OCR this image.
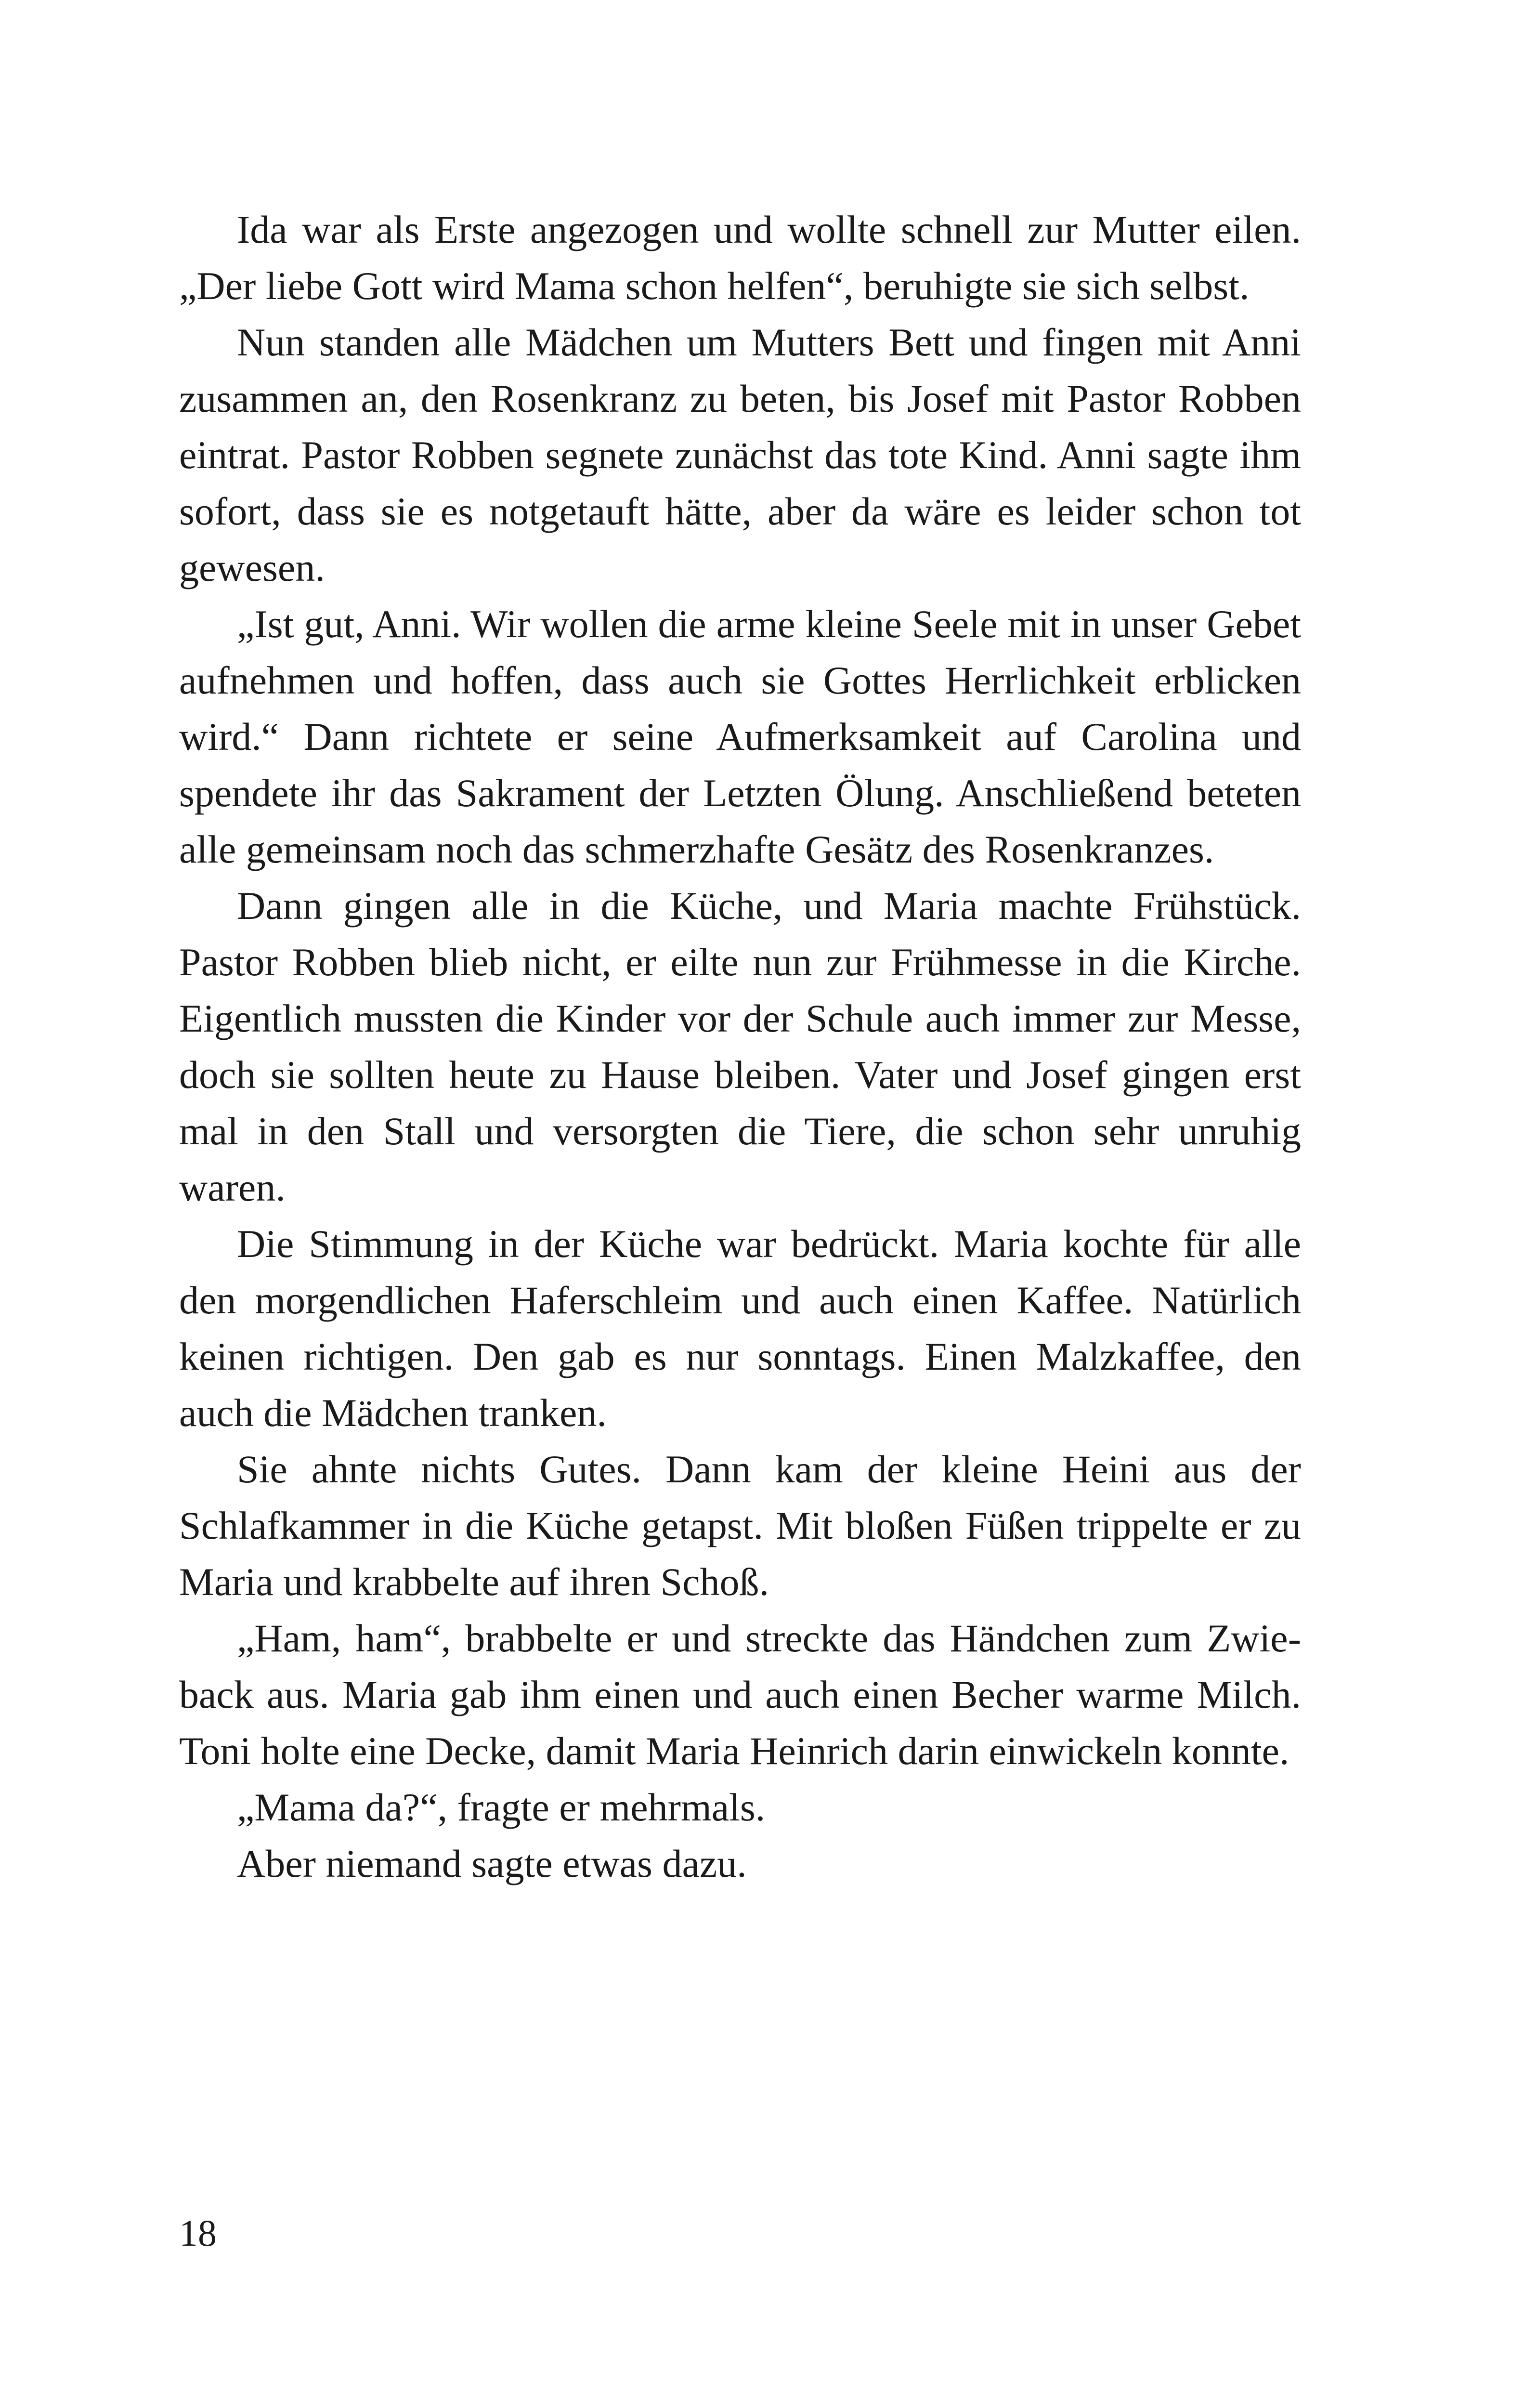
Ida war als Erste angezogen und wollte schnell zur Mutter eilen. „Der liebe Gott wird Mama schon helfen“, beruhigte sie sich selbst.

Nun standen alle Mädchen um Mutters Bett und fingen mit Anni zusammen an, den Rosenkranz zu beten, bis Josef mit Pastor Robben eintrat. Pastor Robben segnete zunächst das tote Kind. Anni sagte ihm sofort, dass sie es notgetauft hätte, aber da wäre es leider schon tot gewesen.

„Ist gut, Anni. Wir wollen die arme kleine Seele mit in unser Gebet aufnehmen und hoffen, dass auch sie Gottes Herrlichkeit erblicken wird.“ Dann richtete er seine Aufmerksamkeit auf Carolina und spendete ihr das Sakrament der Letzten Ölung. Anschließend beteten alle gemeinsam noch das schmerzhafte Gesätz des Rosenkranzes.

Dann gingen alle in die Küche, und Maria machte Frühstück. Pastor Robben blieb nicht, er eilte nun zur Frühmesse in die Kirche. Eigentlich mussten die Kinder vor der Schule auch immer zur Messe, doch sie sollten heute zu Hause bleiben. Vater und Josef gingen erst mal in den Stall und versorgten die Tiere, die schon sehr unruhig waren.

Die Stimmung in der Küche war bedrückt. Maria kochte für alle den morgendlichen Haferschleim und auch einen Kaffee. Natürlich keinen richtigen. Den gab es nur sonntags. Einen Malzkaffee, den auch die Mädchen tranken.

Sie ahnte nichts Gutes. Dann kam der kleine Heini aus der Schlafkammer in die Küche getapst. Mit bloßen Füßen trippelte er zu Maria und krabbelte auf ihren Schoß.

„Ham, ham“, brabbelte er und streckte das Händchen zum Zwieback aus. Maria gab ihm einen und auch einen Becher warme Milch. Toni holte eine Decke, damit Maria Heinrich darin einwickeln konnte.

„Mama da?“, fragte er mehrmals.

Aber niemand sagte etwas dazu.

18
